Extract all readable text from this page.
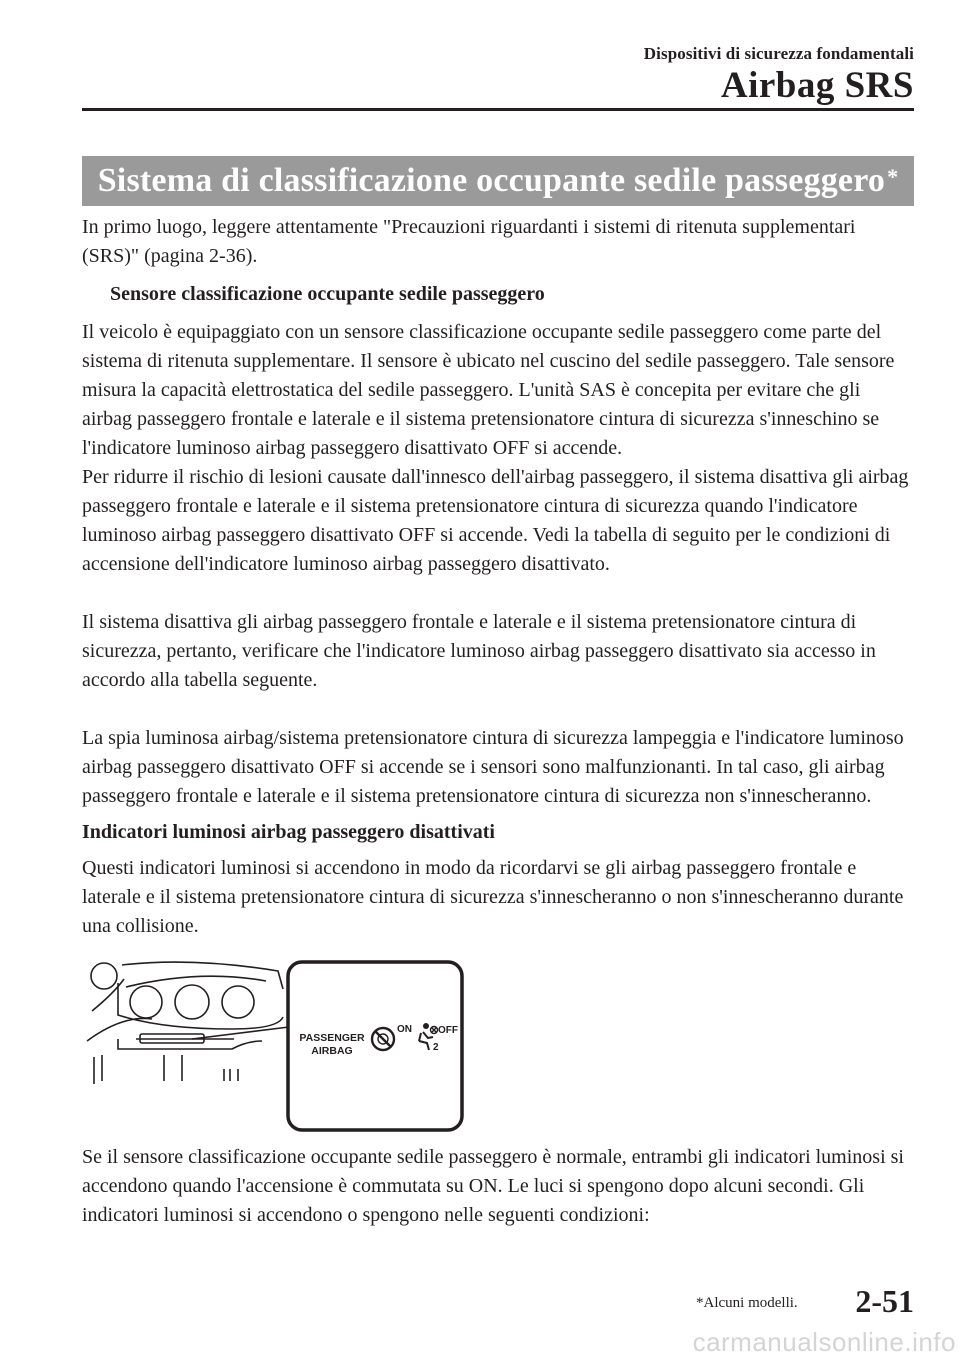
Dispositivi di sicurezza fondamentali
Airbag SRS
Sistema di classificazione occupante sedile passeggero*

In primo luogo, leggere attentamente "Precauzioni riguardanti i sistemi di ritenuta supplementari (SRS)" (pagina 2-36).

Sensore classificazione occupante sedile passeggero

Il veicolo è equipaggiato con un sensore classificazione occupante sedile passeggero come parte del sistema di ritenuta supplementare. Il sensore è ubicato nel cuscino del sedile passeggero. Tale sensore misura la capacità elettrostatica del sedile passeggero. L'unità SAS è concepita per evitare che gli airbag passeggero frontale e laterale e il sistema pretensionatore cintura di sicurezza s'inneschino se l'indicatore luminoso airbag passeggero disattivato OFF si accende.

Per ridurre il rischio di lesioni causate dall'innesco dell'airbag passeggero, il sistema disattiva gli airbag passeggero frontale e laterale e il sistema pretensionatore cintura di sicurezza quando l'indicatore luminoso airbag passeggero disattivato OFF si accende. Vedi la tabella di seguito per le condizioni di accensione dell'indicatore luminoso airbag passeggero disattivato.

Il sistema disattiva gli airbag passeggero frontale e laterale e il sistema pretensionatore cintura di sicurezza, pertanto, verificare che l'indicatore luminoso airbag passeggero disattivato sia accesso in accordo alla tabella seguente.

La spia luminosa airbag/sistema pretensionatore cintura di sicurezza lampeggia e l'indicatore luminoso airbag passeggero disattivato OFF si accende se i sensori sono malfunzionanti. In tal caso, gli airbag passeggero frontale e laterale e il sistema pretensionatore cintura di sicurezza non s'innescheranno.

Indicatori luminosi airbag passeggero disattivati

Questi indicatori luminosi si accendono in modo da ricordarvi se gli airbag passeggero frontale e laterale e il sistema pretensionatore cintura di sicurezza s'innescheranno o non s'innescheranno durante una collisione.

PASSENGER
AIRBAG
ON	OFF
2

Se il sensore classificazione occupante sedile passeggero è normale, entrambi gli indicatori luminosi si accendono quando l'accensione è commutata su ON. Le luci si spengono dopo alcuni secondi. Gli indicatori luminosi si accendono o spengono nelle seguenti condizioni:

*Alcuni modelli. 2-51
carmanualsonline.info
